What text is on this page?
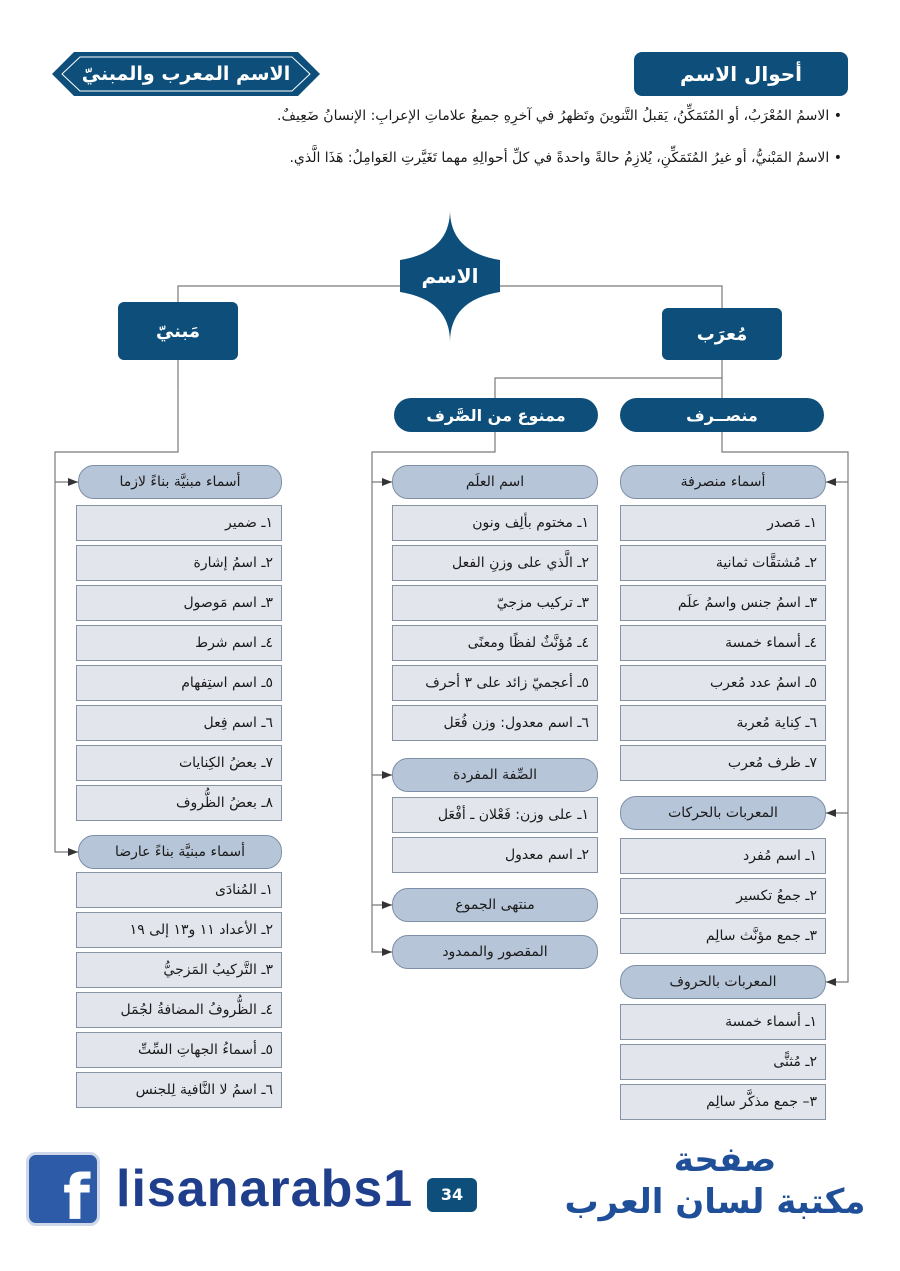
الاسم المعرب والمبنيّ	أحوال الاسم
• الاسمُ المُعْرَبُ، أو المُتَمَكِّنُ، يَقبلُ التَّنوينَ وتَظهرُ في آخرِهِ جميعُ علاماتِ الإعرابِ: الإنسانُ ضَعِيفٌ.
• الاسمُ المَبْنيُّ، أو غيرُ المُتَمَكِّنِ، يُلازِمُ حالةً واحدةً في كلِّ أحوالِهِ مهما تَغَيَّرتِ العَوامِلُ: هَذَا الَّذي.
الاسم
مُعرَب
مَبنيّ
منصــرف
ممنوع من الصَّرف
أسماء منصرفة
١ـ مَصدر
٢ـ مُشتقَّات ثمانية
٣ـ اسمُ جنس واسمُ علَم
٤ـ أسماء خمسة
٥ـ اسمُ عدد مُعرب
٦ـ كِناية مُعربة
٧ـ ظرف مُعرب
المعربات بالحركات
١ـ اسم مُفرد
٢ـ جمعُ تكسير
٣ـ جمع مؤنَّث سالِم
المعربات بالحروف
١ـ أسماء خمسة
٢ـ مُثنًّى
٣– جمع مذكَّر سالِم
اسم العلَم
١ـ مختوم بألِف ونون
٢ـ الَّذي على وزنِ الفعل
٣ـ تركيب مزجيّ
٤ـ مُؤنَّثٌ لفظًا ومعنًى
٥ـ أعجميّ زائد على ٣ أحرف
٦ـ اسم معدول: وزن فُعَل
الصِّفة المفردة
١ـ على وزن: فَعْلان ـ أفْعَل
٢ـ اسم معدول
منتهى الجموع
المقصور والممدود
أسماء مبنيَّة بناءً لازما
١ـ ضمير
٢ـ اسمُ إشارة
٣ـ اسم مَوصول
٤ـ اسم شرط
٥ـ اسم استِفهام
٦ـ اسم فِعل
٧ـ بعضُ الكِنايات
٨ـ بعضُ الظُّروف
أسماء مبنيَّة بناءً عارضا
١ـ المُنادَى
٢ـ الأعداد ١١ و١٣ إلى ١٩
٣ـ التَّركيبُ المَزجيُّ
٤ـ الظُّروفُ المضافةُ لجُمَل
٥ـ أسماءُ الجهاتِ السِّتِّ
٦ـ اسمُ لا النَّافية لِلجنس
f lisanarabs1	34
صفحة
مكتبة لسان العرب
